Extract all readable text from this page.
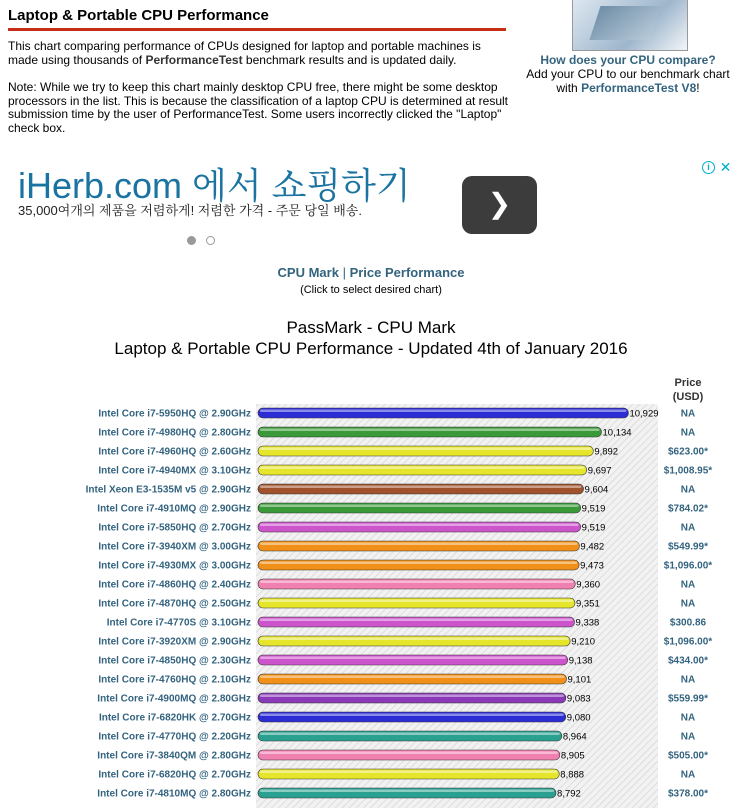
Laptop & Portable CPU Performance
This chart comparing performance of CPUs designed for laptop and portable machines is made using thousands of PerformanceTest benchmark results and is updated daily.
Note: While we try to keep this chart mainly desktop CPU free, there might be some desktop processors in the list. This is because the classification of a laptop CPU is determined at result submission time by the user of PerformanceTest. Some users incorrectly clicked the "Laptop" check box.
How does your CPU compare?
Add your CPU to our benchmark chart
with PerformanceTest V8!
i ✕
iHerb.com 에서 쇼핑하기
35,000여개의 제품을 저렴하게! 저렴한 가격 - 주문 당일 배송.	❯
CPU Mark | Price Performance
(Click to select desired chart)
PassMark - CPU Mark
Laptop & Portable CPU Performance - Updated 4th of January 2016
Price
(USD)
Intel Core i7-5950HQ @ 2.90GHz	10,929 NA
Intel Core i7-4980HQ @ 2.80GHz	10,134	NA
Intel Core i7-4960HQ @ 2.60GHz	9,892	$623.00*
Intel Core i7-4940MX @ 3.10GHz	9,697	$1,008.95*
Intel Xeon E3-1535M v5 @ 2.90GHz	9,604	NA
Intel Core i7-4910MQ @ 2.90GHz	9,519	$784.02*
Intel Core i7-5850HQ @ 2.70GHz	9,519	NA
Intel Core i7-3940XM @ 3.00GHz	9,482	$549.99*
Intel Core i7-4930MX @ 3.00GHz	9,473	$1,096.00*
Intel Core i7-4860HQ @ 2.40GHz	9,360	NA
Intel Core i7-4870HQ @ 2.50GHz	9,351	NA
Intel Core i7-4770S @ 3.10GHz	9,338	$300.86
Intel Core i7-3920XM @ 2.90GHz	9,210	$1,096.00*
Intel Core i7-4850HQ @ 2.30GHz	9,138	$434.00*
Intel Core i7-4760HQ @ 2.10GHz	9,101	NA
Intel Core i7-4900MQ @ 2.80GHz	9,083	$559.99*
Intel Core i7-6820HK @ 2.70GHz	9,080	NA
Intel Core i7-4770HQ @ 2.20GHz	8,964	NA
Intel Core i7-3840QM @ 2.80GHz	8,905	$505.00*
Intel Core i7-6820HQ @ 2.70GHz	8,888	NA
Intel Core i7-4810MQ @ 2.80GHz	8,792	$378.00*
